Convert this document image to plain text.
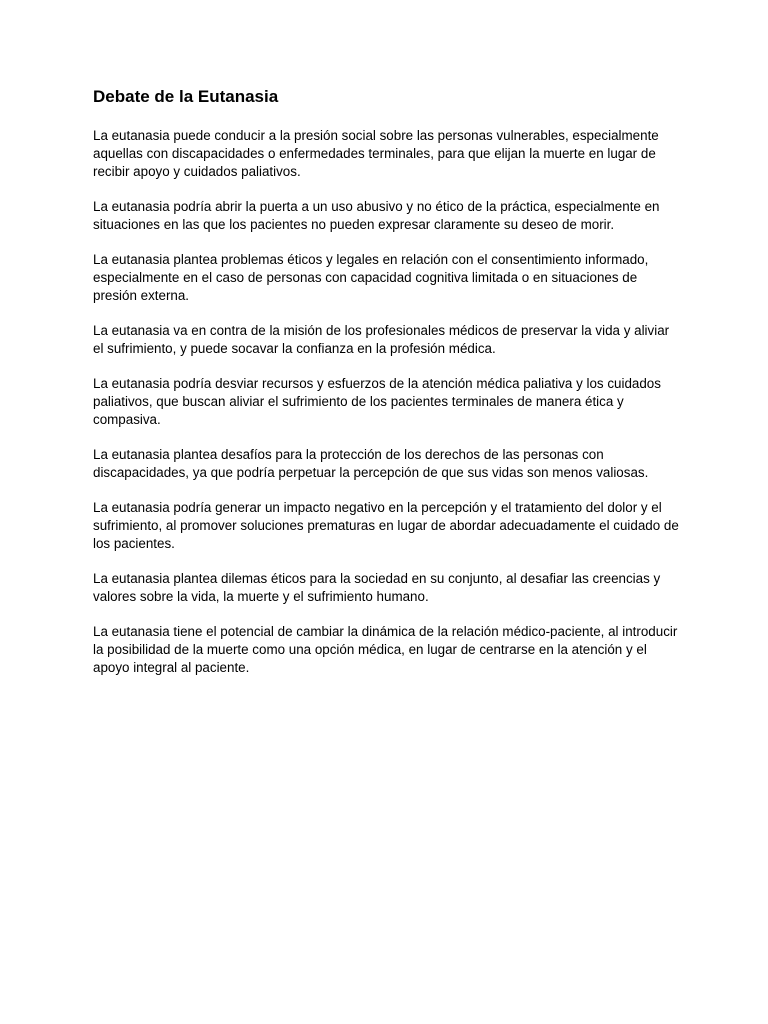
Debate de la Eutanasia

La eutanasia puede conducir a la presión social sobre las personas vulnerables, especialmente aquellas con discapacidades o enfermedades terminales, para que elijan la muerte en lugar de recibir apoyo y cuidados paliativos.

La eutanasia podría abrir la puerta a un uso abusivo y no ético de la práctica, especialmente en situaciones en las que los pacientes no pueden expresar claramente su deseo de morir.

La eutanasia plantea problemas éticos y legales en relación con el consentimiento informado, especialmente en el caso de personas con capacidad cognitiva limitada o en situaciones de presión externa.

La eutanasia va en contra de la misión de los profesionales médicos de preservar la vida y aliviar el sufrimiento, y puede socavar la confianza en la profesión médica.

La eutanasia podría desviar recursos y esfuerzos de la atención médica paliativa y los cuidados paliativos, que buscan aliviar el sufrimiento de los pacientes terminales de manera ética y compasiva.

La eutanasia plantea desafíos para la protección de los derechos de las personas con discapacidades, ya que podría perpetuar la percepción de que sus vidas son menos valiosas.

La eutanasia podría generar un impacto negativo en la percepción y el tratamiento del dolor y el sufrimiento, al promover soluciones prematuras en lugar de abordar adecuadamente el cuidado de los pacientes.

La eutanasia plantea dilemas éticos para la sociedad en su conjunto, al desafiar las creencias y valores sobre la vida, la muerte y el sufrimiento humano.

La eutanasia tiene el potencial de cambiar la dinámica de la relación médico-paciente, al introducir la posibilidad de la muerte como una opción médica, en lugar de centrarse en la atención y el apoyo integral al paciente.
